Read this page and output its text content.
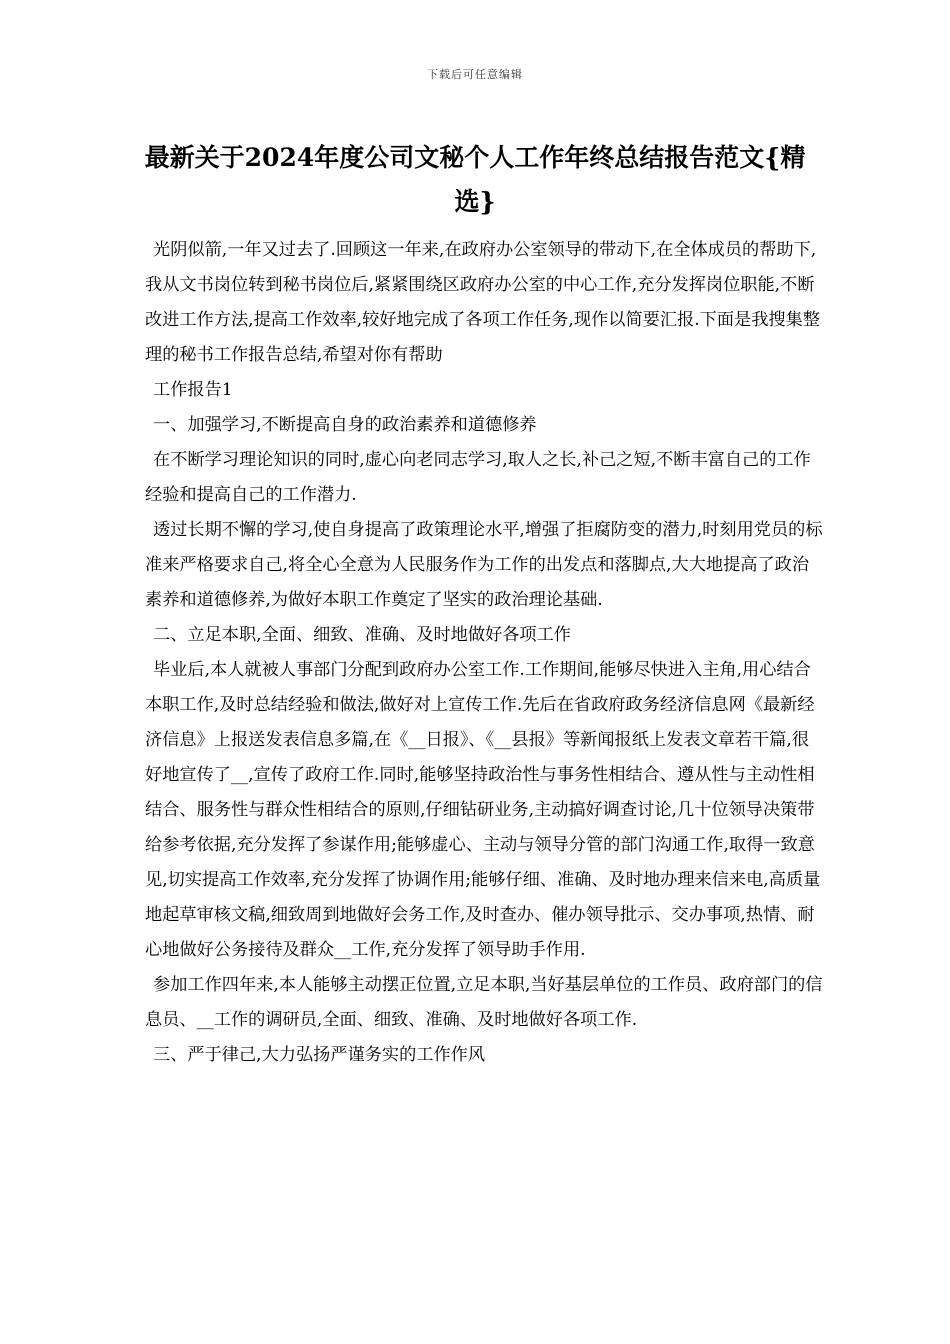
下载后可任意编辑
最新关于2024年度公司文秘个人工作年终总结报告范文{精选}

光阴似箭,一年又过去了.回顾这一年来,在政府办公室领导的带动下,在全体成员的帮助下,我从文书岗位转到秘书岗位后,紧紧围绕区政府办公室的中心工作,充分发挥岗位职能,不断改进工作方法,提高工作效率,较好地完成了各项工作任务,现作以简要汇报.下面是我搜集整理的秘书工作报告总结,希望对你有帮助

工作报告1

一、加强学习,不断提高自身的政治素养和道德修养

在不断学习理论知识的同时,虚心向老同志学习,取人之长,补己之短,不断丰富自己的工作经验和提高自己的工作潜力.

透过长期不懈的学习,使自身提高了政策理论水平,增强了拒腐防变的潜力,时刻用党员的标准来严格要求自己,将全心全意为人民服务作为工作的出发点和落脚点,大大地提高了政治素养和道德修养,为做好本职工作奠定了坚实的政治理论基础.

二、立足本职,全面、细致、准确、及时地做好各项工作

毕业后,本人就被人事部门分配到政府办公室工作.工作期间,能够尽快进入主角,用心结合本职工作,及时总结经验和做法,做好对上宣传工作.先后在省政府政务经济信息网《最新经济信息》上报送发表信息多篇,在《__日报》、《__县报》等新闻报纸上发表文章若干篇,很好地宣传了__,宣传了政府工作.同时,能够坚持政治性与事务性相结合、遵从性与主动性相结合、服务性与群众性相结合的原则,仔细钻研业务,主动搞好调查讨论,几十位领导决策带给参考依据,充分发挥了参谋作用;能够虚心、主动与领导分管的部门沟通工作,取得一致意见,切实提高工作效率,充分发挥了协调作用;能够仔细、准确、及时地办理来信来电,高质量地起草审核文稿,细致周到地做好会务工作,及时查办、催办领导批示、交办事项,热情、耐心地做好公务接待及群众__工作,充分发挥了领导助手作用.

参加工作四年来,本人能够主动摆正位置,立足本职,当好基层单位的工作员、政府部门的信息员、__工作的调研员,全面、细致、准确、及时地做好各项工作.

三、严于律己,大力弘扬严谨务实的工作作风
